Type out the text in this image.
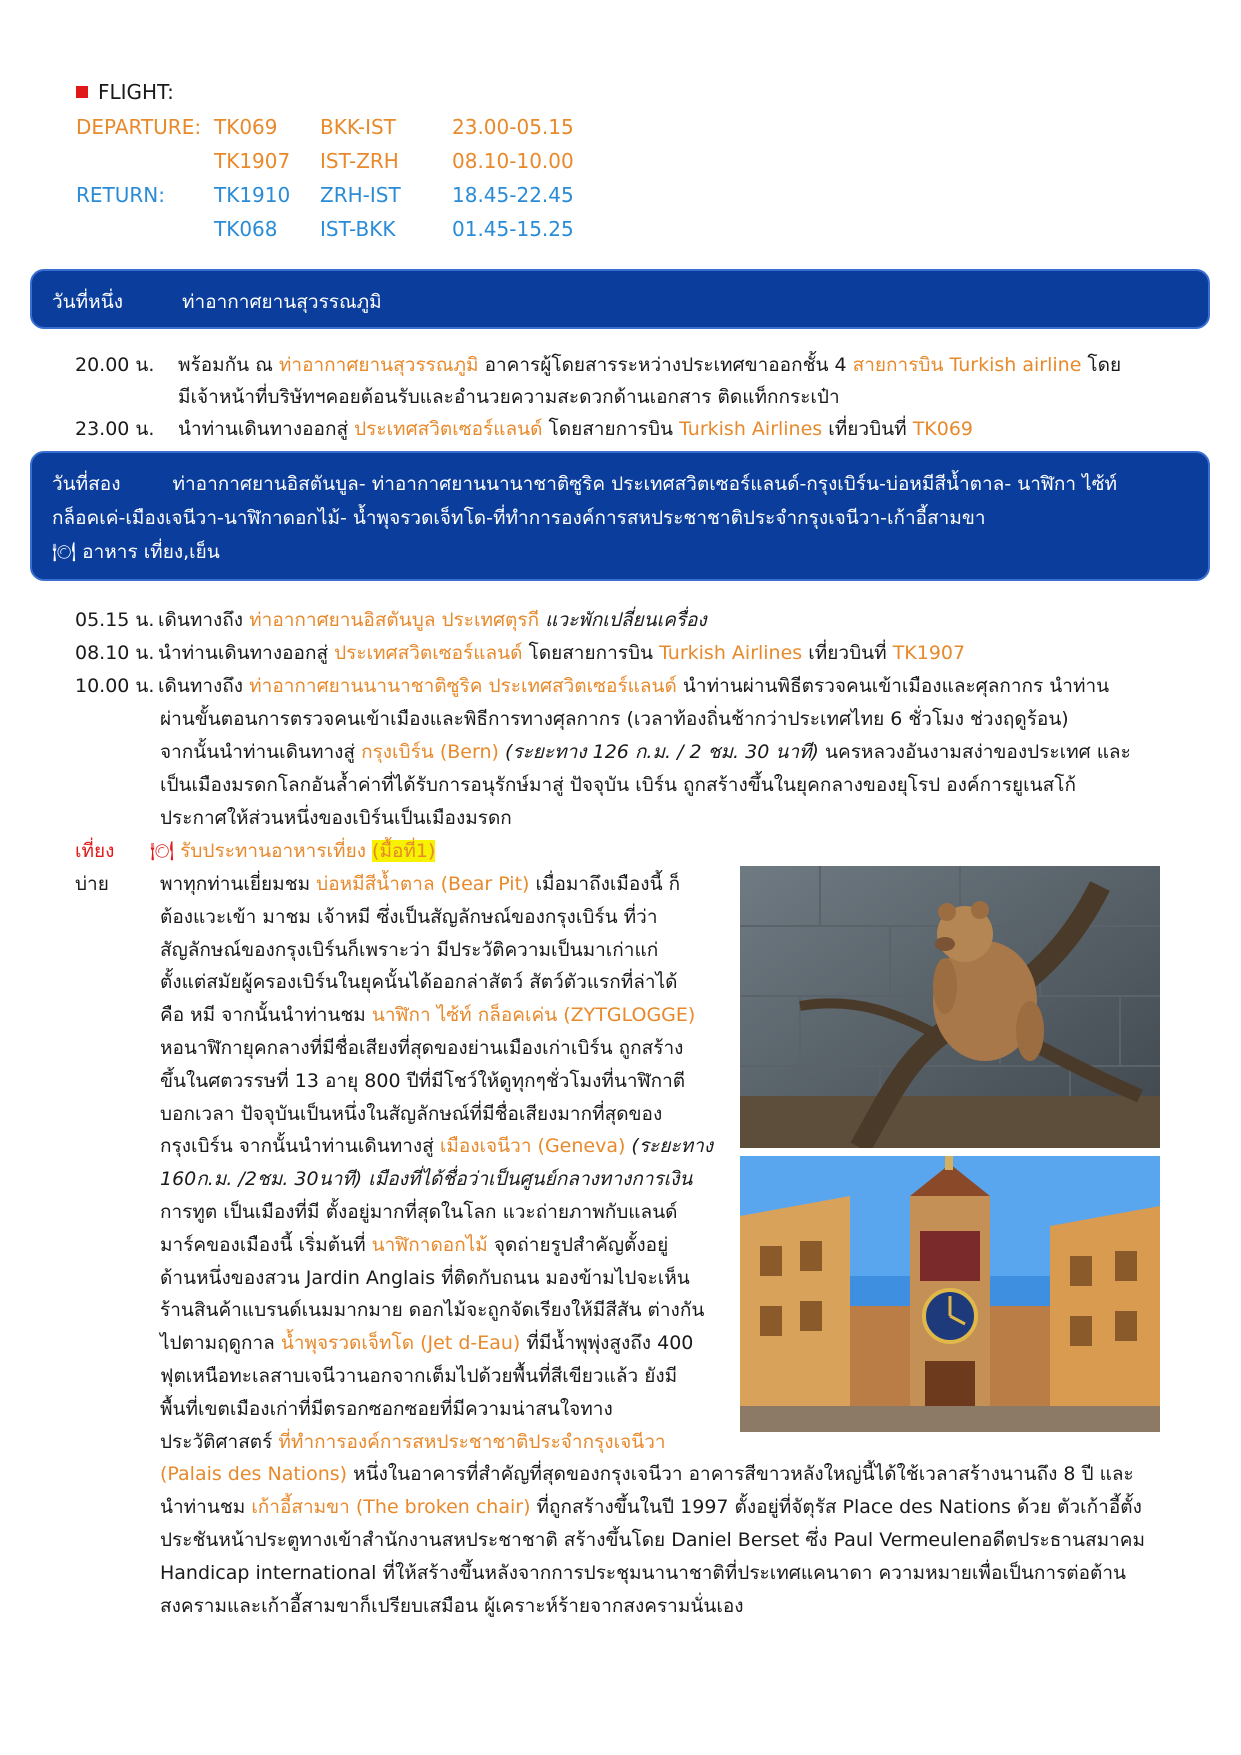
FLIGHT:
DEPARTURE: TK069 BKK-IST	23.00-05.15
TK1907 IST-ZRH	08.10-10.00
RETURN: TK1910 ZRH-IST	18.45-22.45
TK068 IST-BKK	01.45-15.25
วันที่หนึ่ง	ท่าอากาศยานสุวรรณภูมิ
20.00 น. พร้อมกัน ณ ท่าอากาศยานสุวรรณภูมิ อาคารผู้โดยสารระหว่างประเทศขาออกชั้น 4 สายการบิน Turkish airline โดย
มีเจ้าหน้าที่บริษัทฯคอยต้อนรับและอำนวยความสะดวกด้านเอกสาร ติดแท็กกระเป๋า
23.00 น. นำท่านเดินทางออกสู่ ประเทศสวิตเซอร์แลนด์ โดยสายการบิน Turkish Airlines เที่ยวบินที่ TK069
วันที่สอง	ท่าอากาศยานอิสตันบูล- ท่าอากาศยานนานาชาติซูริค ประเทศสวิตเซอร์แลนด์-กรุงเบิร์น-บ่อหมีสีน้ำตาล- นาฬิกา ไซ้ท์
กล็อคเค่-เมืองเจนีวา-นาฬิกาดอกไม้- น้ำพุจรวดเจ็ทโด-ที่ทำการองค์การสหประชาชาติประจำกรุงเจนีวา-เก้าอี้สามขา
🍽 อาหาร เที่ยง,เย็น
05.15 น. เดินทางถึง ท่าอากาศยานอิสตันบูล ประเทศตุรกี แวะพักเปลี่ยนเครื่อง
08.10 น. นำท่านเดินทางออกสู่ ประเทศสวิตเซอร์แลนด์ โดยสายการบิน Turkish Airlines เที่ยวบินที่ TK1907
10.00 น. เดินทางถึง ท่าอากาศยานนานาชาติซูริค ประเทศสวิตเซอร์แลนด์ นำท่านผ่านพิธีตรวจคนเข้าเมืองและศุลกากร นำท่าน
ผ่านขั้นตอนการตรวจคนเข้าเมืองและพิธีการทางศุลกากร (เวลาท้องถิ่นช้ากว่าประเทศไทย 6 ชั่วโมง ช่วงฤดูร้อน)
จากนั้นนำท่านเดินทางสู่ กรุงเบิร์น (Bern) (ระยะทาง 126 ก.ม. / 2 ชม. 30 นาที) นครหลวงอันงามสง่าของประเทศ และ
เป็นเมืองมรดกโลกอันล้ำค่าที่ได้รับการอนุรักษ์มาสู่ ปัจจุบัน เบิร์น ถูกสร้างขึ้นในยุคกลางของยุโรป องค์การยูเนสโก้
ประกาศให้ส่วนหนึ่งของเบิร์นเป็นเมืองมรดก
เที่ยง 🍽 รับประทานอาหารเที่ยง (มื้อที่1)
บ่าย	พาทุกท่านเยี่ยมชม บ่อหมีสีน้ำตาล (Bear Pit) เมื่อมาถึงเมืองนี้ ก็
ต้องแวะเข้า มาชม เจ้าหมี ซึ่งเป็นสัญลักษณ์ของกรุงเบิร์น ที่ว่า
สัญลักษณ์ของกรุงเบิร์นก็เพราะว่า มีประวัติความเป็นมาเก่าแก่
ตั้งแต่สมัยผู้ครองเบิร์นในยุคนั้นได้ออกล่าสัตว์ สัตว์ตัวแรกที่ล่าได้
คือ หมี จากนั้นนำท่านชม นาฬิกา ไซ้ท์ กล็อคเค่น (ZYTGLOGGE)
หอนาฬิกายุคกลางที่มีชื่อเสียงที่สุดของย่านเมืองเก่าเบิร์น ถูกสร้าง
ขึ้นในศตวรรษที่ 13 อายุ 800 ปีที่มีโชว์ให้ดูทุกๆชั่วโมงที่นาฬิกาตี
บอกเวลา ปัจจุบันเป็นหนึ่งในสัญลักษณ์ที่มีชื่อเสียงมากที่สุดของ
กรุงเบิร์น จากนั้นนำท่านเดินทางสู่ เมืองเจนีวา (Geneva) (ระยะทาง
160ก.ม. /2ชม. 30นาที) เมืองที่ได้ชื่อว่าเป็นศูนย์กลางทางการเงิน
การทูต เป็นเมืองที่มี ตั้งอยู่มากที่สุดในโลก แวะถ่ายภาพกับแลนด์
มาร์คของเมืองนี้ เริ่มต้นที่ นาฬิกาดอกไม้ จุดถ่ายรูปสำคัญตั้งอยู่
ด้านหนึ่งของสวน Jardin Anglais ที่ติดกับถนน มองข้ามไปจะเห็น
ร้านสินค้าแบรนด์เนมมากมาย ดอกไม้จะถูกจัดเรียงให้มีสีสัน ต่างกัน
ไปตามฤดูกาล น้ำพุจรวดเจ็ทโด (Jet d-Eau) ที่มีน้ำพุพุ่งสูงถึง 400
ฟุตเหนือทะเลสาบเจนีวานอกจากเต็มไปด้วยพื้นที่สีเขียวแล้ว ยังมี
พื้นที่เขตเมืองเก่าที่มีตรอกซอกซอยที่มีความน่าสนใจทาง
ประวัติศาสตร์ ที่ทำการองค์การสหประชาชาติประจำกรุงเจนีวา
(Palais des Nations) หนึ่งในอาคารที่สำคัญที่สุดของกรุงเจนีวา อาคารสีขาวหลังใหญ่นี้ได้ใช้เวลาสร้างนานถึง 8 ปี และ
นำท่านชม เก้าอี้สามขา (The broken chair) ที่ถูกสร้างขึ้นในปี 1997 ตั้งอยู่ที่จัตุรัส Place des Nations ด้วย ตัวเก้าอี้ตั้ง
ประชันหน้าประตูทางเข้าสำนักงานสหประชาชาติ สร้างขึ้นโดย Daniel Berset ซึ่ง Paul Vermeulenอดีตประธานสมาคม
Handicap international ที่ให้สร้างขึ้นหลังจากการประชุมนานาชาติที่ประเทศแคนาดา ความหมายเพื่อเป็นการต่อต้าน
สงครามและเก้าอี้สามขาก็เปรียบเสมือน ผู้เคราะห์ร้ายจากสงครามนั่นเอง
